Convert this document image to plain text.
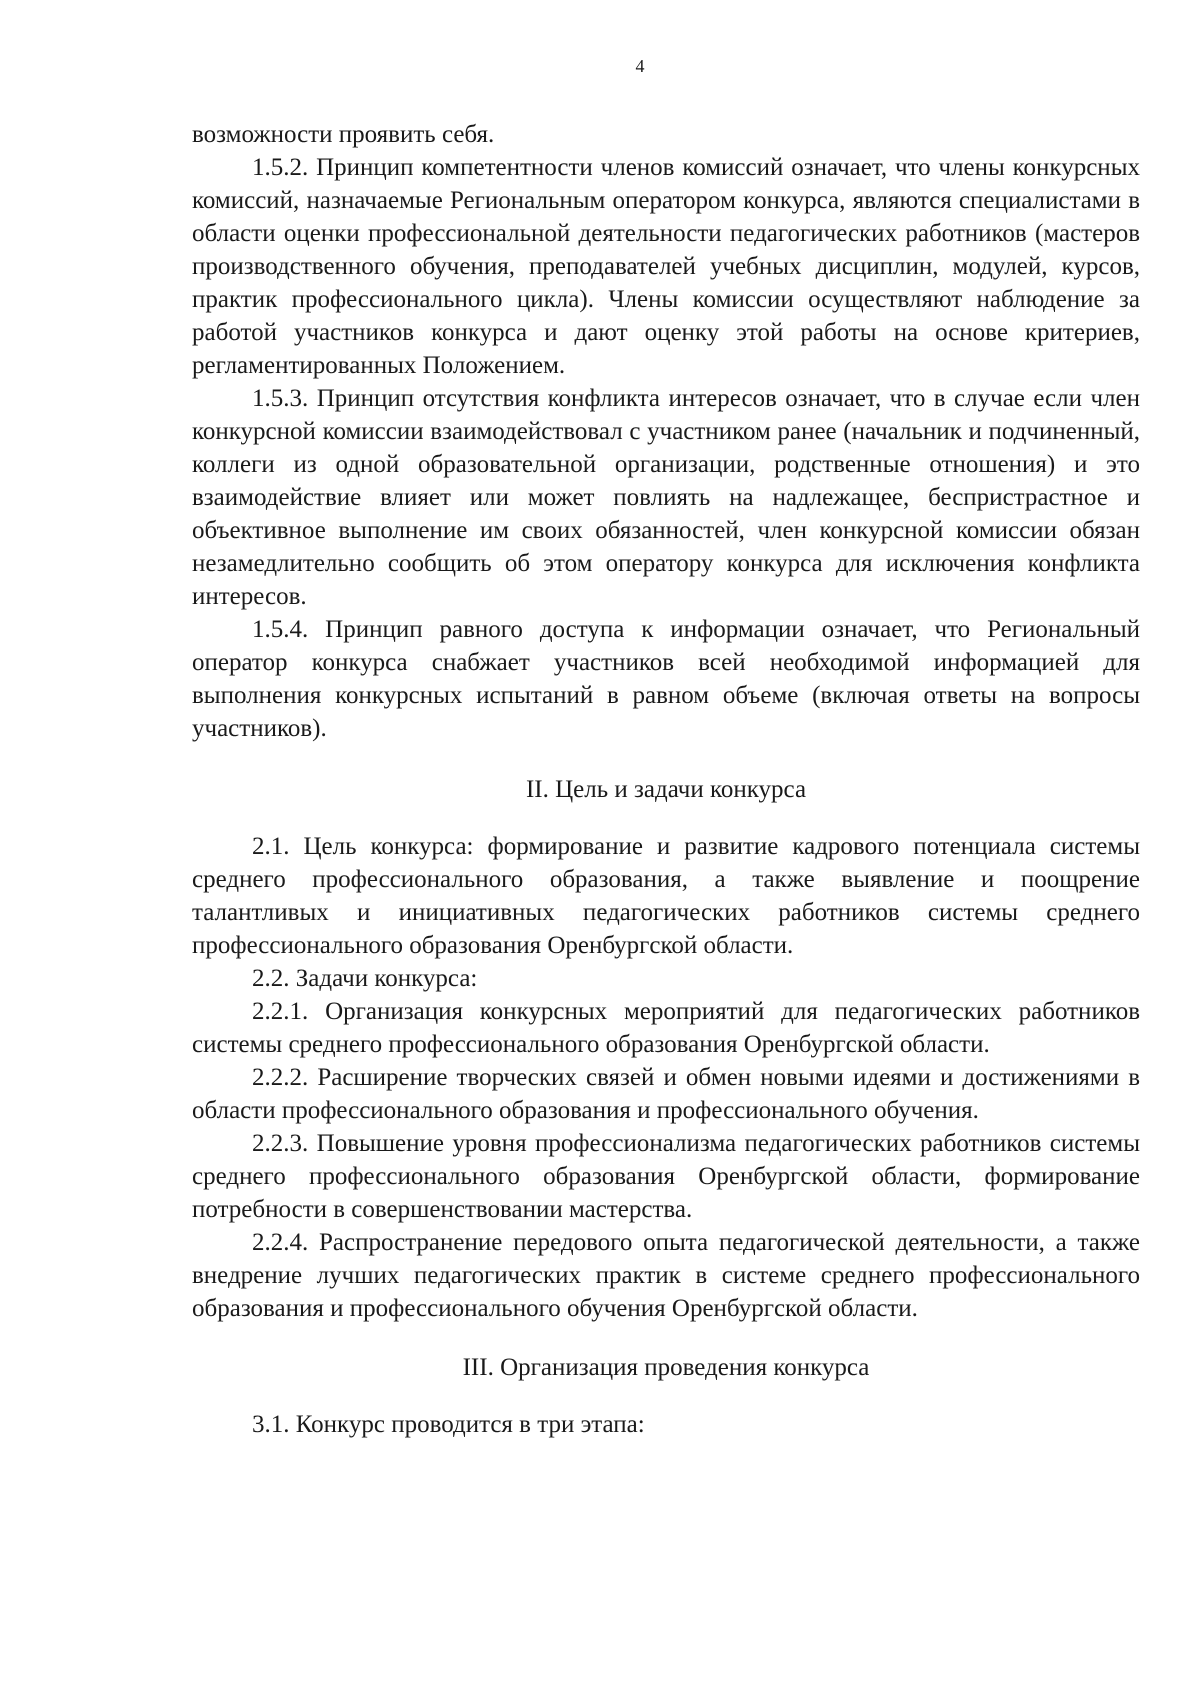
4

возможности проявить себя.

1.5.2. Принцип компетентности членов комиссий означает, что члены конкурсных комиссий, назначаемые Региональным оператором конкурса, являются специалистами в области оценки профессиональной деятельности педагогических работников (мастеров производственного обучения, преподавателей учебных дисциплин, модулей, курсов, практик профессионального цикла). Члены комиссии осуществляют наблюдение за работой участников конкурса и дают оценку этой работы на основе критериев, регламентированных Положением.

1.5.3. Принцип отсутствия конфликта интересов означает, что в случае если член конкурсной комиссии взаимодействовал с участником ранее (начальник и подчиненный, коллеги из одной образовательной организации, родственные отношения) и это взаимодействие влияет или может повлиять на надлежащее, беспристрастное и объективное выполнение им своих обязанностей, член конкурсной комиссии обязан незамедлительно сообщить об этом оператору конкурса для исключения конфликта интересов.

1.5.4. Принцип равного доступа к информации означает, что Региональный оператор конкурса снабжает участников всей необходимой информацией для выполнения конкурсных испытаний в равном объеме (включая ответы на вопросы участников).

II. Цель и задачи конкурса

2.1. Цель конкурса: формирование и развитие кадрового потенциала системы среднего профессионального образования, а также выявление и поощрение талантливых и инициативных педагогических работников системы среднего профессионального образования Оренбургской области.

2.2. Задачи конкурса:

2.2.1. Организация конкурсных мероприятий для педагогических работников системы среднего профессионального образования Оренбургской области.

2.2.2. Расширение творческих связей и обмен новыми идеями и достижениями в области профессионального образования и профессионального обучения.

2.2.3. Повышение уровня профессионализма педагогических работников системы среднего профессионального образования Оренбургской области, формирование потребности в совершенствовании мастерства.

2.2.4. Распространение передового опыта педагогической деятельности, а также внедрение лучших педагогических практик в системе среднего профессионального образования и профессионального обучения Оренбургской области.

III. Организация проведения конкурса

3.1. Конкурс проводится в три этапа:
